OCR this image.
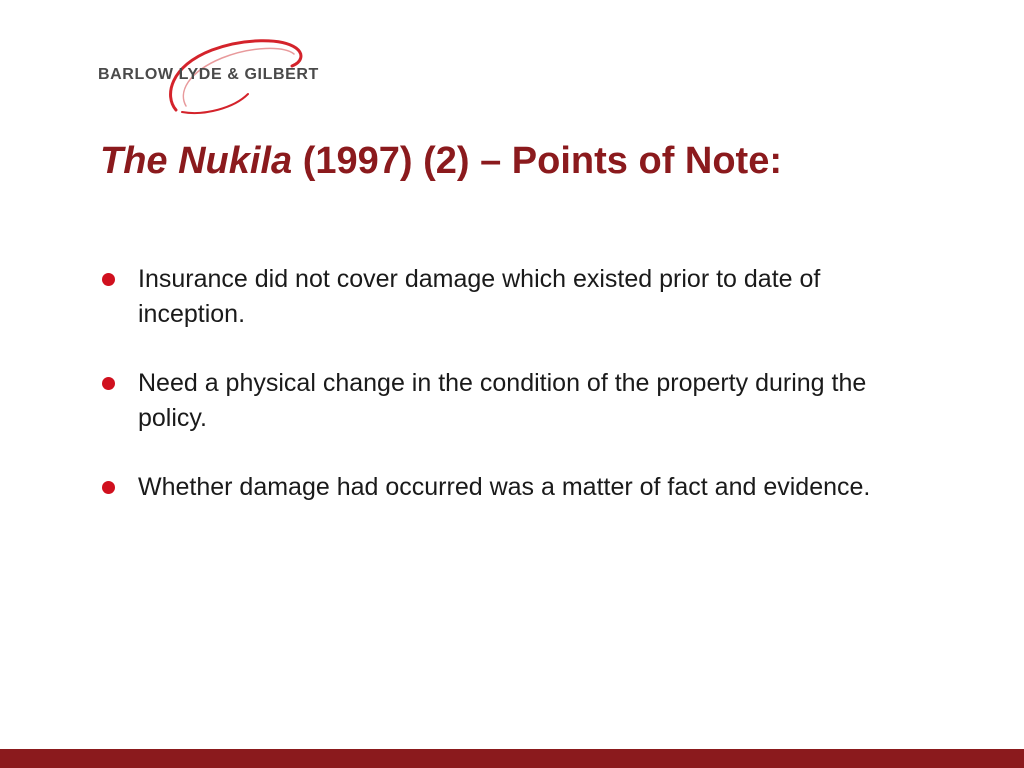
BARLOW LYDE & GILBERT
The Nukila (1997) (2) – Points of Note:
Insurance did not cover damage which existed prior to date of inception.
Need a physical change in the condition of the property during the policy.
Whether damage had occurred was a matter of fact and evidence.
